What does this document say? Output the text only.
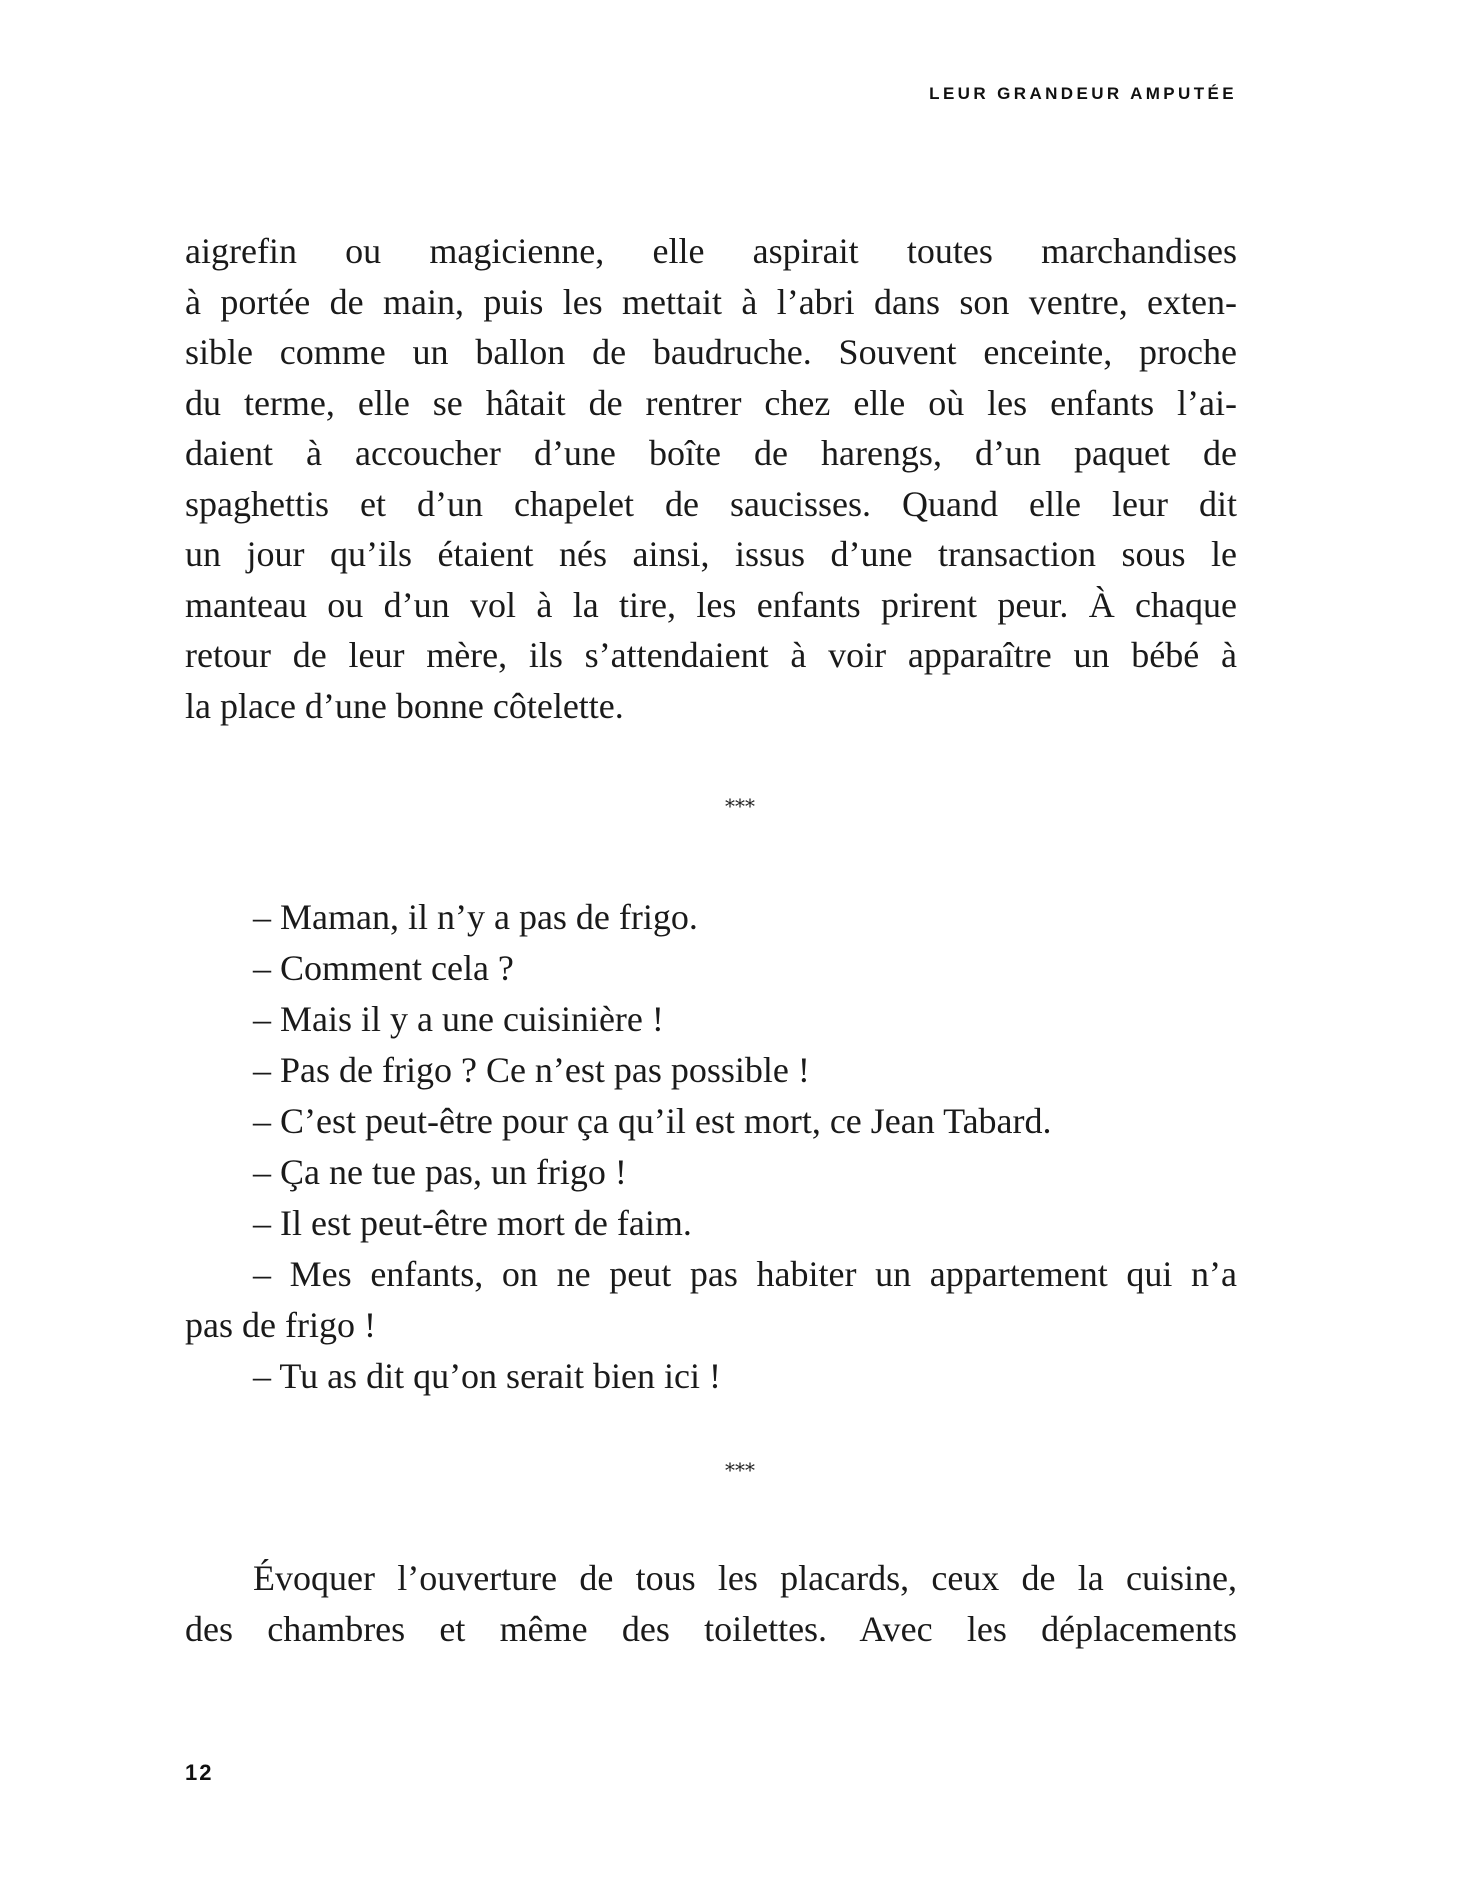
LEUR GRANDEUR AMPUTÉE
aigrefin ou magicienne, elle aspirait toutes marchandises
à portée de main, puis les mettait à l’abri dans son ventre, exten-
sible comme un ballon de baudruche. Souvent enceinte, proche
du terme, elle se hâtait de rentrer chez elle où les enfants l’ai-
daient à accoucher d’une boîte de harengs, d’un paquet de
spaghettis et d’un chapelet de saucisses. Quand elle leur dit
un jour qu’ils étaient nés ainsi, issus d’une transaction sous le
manteau ou d’un vol à la tire, les enfants prirent peur. À chaque
retour de leur mère, ils s’attendaient à voir apparaître un bébé à
la place d’une bonne côtelette.
***
– Maman, il n’y a pas de frigo.
– Comment cela ?
– Mais il y a une cuisinière !
– Pas de frigo ? Ce n’est pas possible !
– C’est peut-être pour ça qu’il est mort, ce Jean Tabard.
– Ça ne tue pas, un frigo !
– Il est peut-être mort de faim.
– Mes enfants, on ne peut pas habiter un appartement qui n’a
pas de frigo !
– Tu as dit qu’on serait bien ici !
***
Évoquer l’ouverture de tous les placards, ceux de la cuisine,
des chambres et même des toilettes. Avec les déplacements
12
